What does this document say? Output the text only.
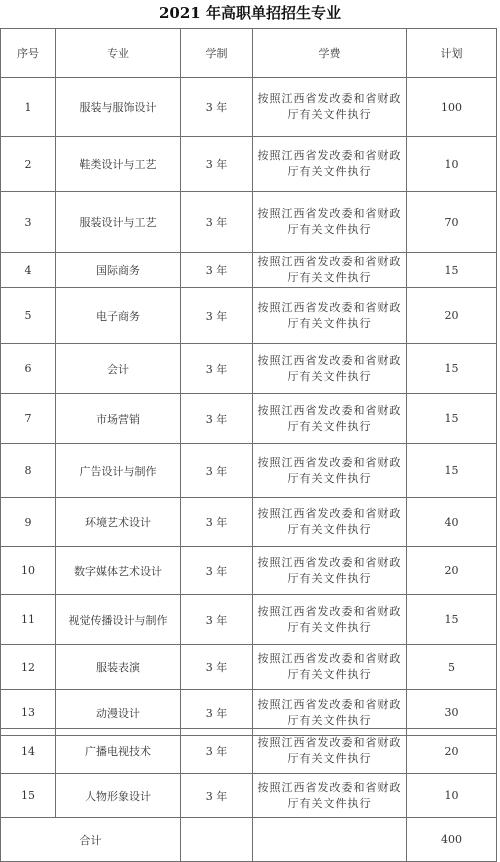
2021 年高职单招招生专业
序号	专业	学制	学费	计划
1	服装与服饰设计	3 年	按照江西省发改委和省财政厅有关文件执行	100
2	鞋类设计与工艺	3 年	按照江西省发改委和省财政厅有关文件执行	10
3	服装设计与工艺	3 年	按照江西省发改委和省财政厅有关文件执行	70
4	国际商务	3 年	按照江西省发改委和省财政厅有关文件执行	15
5	电子商务	3 年	按照江西省发改委和省财政厅有关文件执行	20
6	会计	3 年	按照江西省发改委和省财政厅有关文件执行	15
7	市场营销	3 年	按照江西省发改委和省财政厅有关文件执行	15
8	广告设计与制作	3 年	按照江西省发改委和省财政厅有关文件执行	15
9	环境艺术设计	3 年	按照江西省发改委和省财政厅有关文件执行	40
10	数字媒体艺术设计	3 年	按照江西省发改委和省财政厅有关文件执行	20
11	视觉传播设计与制作	3 年	按照江西省发改委和省财政厅有关文件执行	15
12	服装表演	3 年	按照江西省发改委和省财政厅有关文件执行	5
13	动漫设计	3 年	按照江西省发改委和省财政厅有关文件执行	30
14	广播电视技术	3 年	按照江西省发改委和省财政厅有关文件执行	20
15	人物形象设计	3 年	按照江西省发改委和省财政厅有关文件执行	10
合计				400
